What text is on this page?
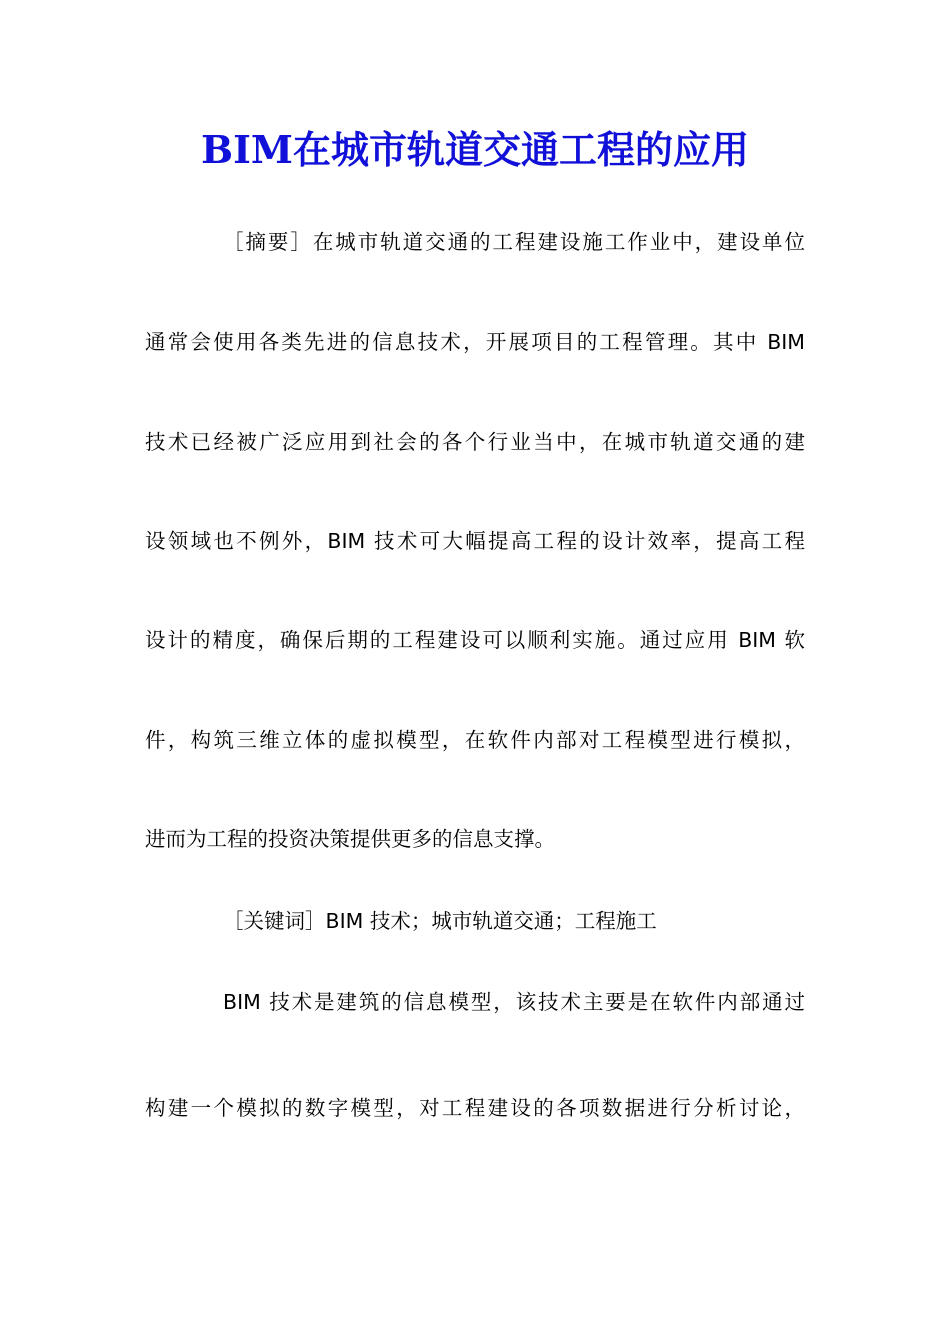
BIM在城市轨道交通工程的应用

［摘要］在城市轨道交通的工程建设施工作业中，建设单位

通常会使用各类先进的信息技术，开展项目的工程管理。其中 BIM

技术已经被广泛应用到社会的各个行业当中，在城市轨道交通的建

设领域也不例外，BIM 技术可大幅提高工程的设计效率，提高工程

设计的精度，确保后期的工程建设可以顺利实施。通过应用 BIM 软

件，构筑三维立体的虚拟模型，在软件内部对工程模型进行模拟，

进而为工程的投资决策提供更多的信息支撑。

［关键词］BIM 技术；城市轨道交通；工程施工

BIM 技术是建筑的信息模型，该技术主要是在软件内部通过

构建一个模拟的数字模型，对工程建设的各项数据进行分析讨论，
